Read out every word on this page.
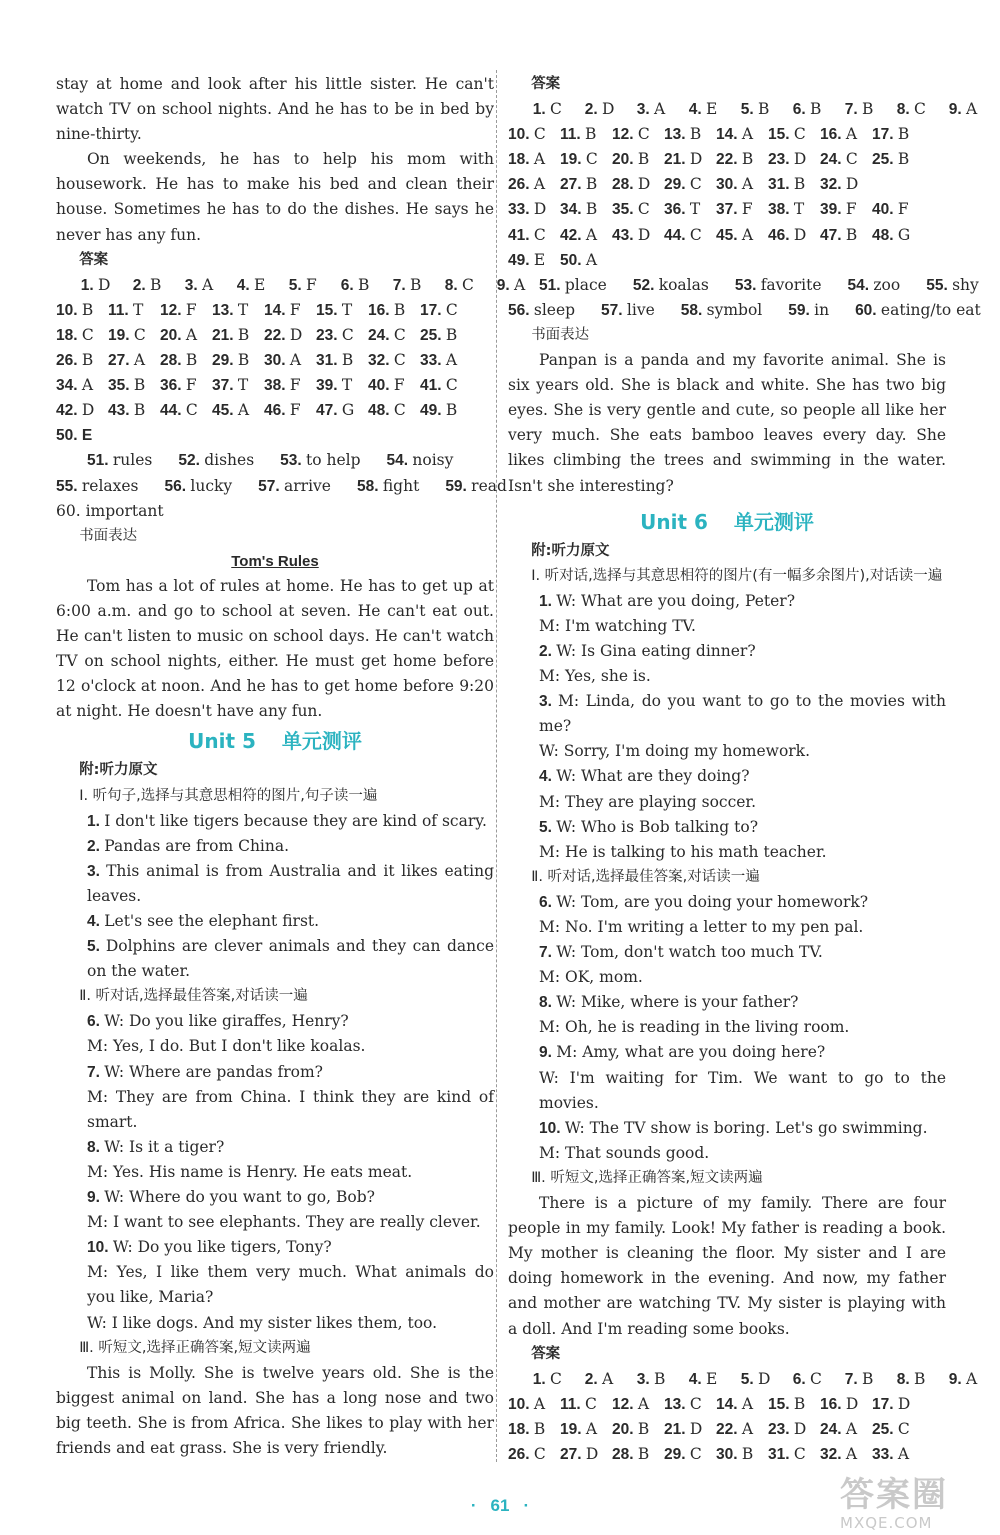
stay at home and look after his little sister. He can't watch TV on school nights. And he has to be in bed by nine-thirty.

On weekends, he has to help his mom with housework. He has to make his bed and clean their house. Sometimes he has to do the dishes. He says he never has any fun.

答案
1. D	2. B	3. A	4. E	5. F	6. B	7. B	8. C	9. A
10. B 11. T	12. F 13. T	14. F 15. T	16. B 17. C
18. C 19. C 20. A 21. B 22. D 23. C 24. C 25. B
26. B 27. A 28. B 29. B 30. A 31. B 32. C 33. A
34. A 35. B 36. F 37. T	38. F 39. T	40. F 41. C
42. D 43. B 44. C 45. A 46. F 47. G 48. C 49. B
50. E
51. rules 52. dishes 53. to help 54. noisy
55. relaxes 56. lucky 57. arrive 58. fight 59. read
60. important
书面表达
Tom's Rules

Tom has a lot of rules at home. He has to get up at 6:00 a.m. and go to school at seven. He can't eat out. He can't listen to music on school days. He can't watch TV on school nights, either. He must get home before 12 o'clock at noon. And he has to get home before 9:20 at night. He doesn't have any fun.

Unit 5 单元测评
附:听力原文
Ⅰ. 听句子,选择与其意思相符的图片,句子读一遍

1. I don't like tigers because they are kind of scary.

2. Pandas are from China.

3. This animal is from Australia and it likes eating leaves.

4. Let's see the elephant first.

5. Dolphins are clever animals and they can dance on the water.

Ⅱ. 听对话,选择最佳答案,对话读一遍

6. W: Do you like giraffes, Henry?

M: Yes, I do. But I don't like koalas.

7. W: Where are pandas from?

M: They are from China. I think they are kind of smart.

8. W: Is it a tiger?

M: Yes. His name is Henry. He eats meat.

9. W: Where do you want to go, Bob?

M: I want to see elephants. They are really clever.

10. W: Do you like tigers, Tony?

M: Yes, I like them very much. What animals do you like, Maria?

W: I like dogs. And my sister likes them, too.

Ⅲ. 听短文,选择正确答案,短文读两遍

This is Molly. She is twelve years old. She is the biggest animal on land. She has a long nose and two big teeth. She is from Africa. She likes to play with her friends and eat grass. She is very friendly.

答案
1. C	2. D	3. A	4. E	5. B	6. B	7. B	8. C	9. A
10. C 11. B	12. C 13. B 14. A 15. C 16. A 17. B
18. A 19. C 20. B 21. D 22. B 23. D 24. C 25. B
26. A 27. B 28. D 29. C 30. A 31. B 32. D
33. D 34. B 35. C 36. T	37. F 38. T	39. F 40. F
41. C 42. A 43. D 44. C 45. A 46. D 47. B 48. G
49. E 50. A
51. place 52. koalas 53. favorite 54. zoo 55. shy
56. sleep 57. live 58. symbol 59. in 60. eating/to eat
书面表达

Panpan is a panda and my favorite animal. She is six years old. She is black and white. She has two big eyes. She is very gentle and cute, so people all like her very much. She eats bamboo leaves every day. She likes climbing the trees and swimming in the water. Isn't she interesting?

Unit 6 单元测评
附:听力原文
Ⅰ. 听对话,选择与其意思相符的图片(有一幅多余图片),对话读一遍

1. W: What are you doing, Peter?

M: I'm watching TV.

2. W: Is Gina eating dinner?

M: Yes, she is.

3. M: Linda, do you want to go to the movies with me?

W: Sorry, I'm doing my homework.

4. W: What are they doing?

M: They are playing soccer.

5. W: Who is Bob talking to?

M: He is talking to his math teacher.

Ⅱ. 听对话,选择最佳答案,对话读一遍

6. W: Tom, are you doing your homework?

M: No. I'm writing a letter to my pen pal.

7. W: Tom, don't watch too much TV.

M: OK, mom.

8. W: Mike, where is your father?

M: Oh, he is reading in the living room.

9. M: Amy, what are you doing here?

W: I'm waiting for Tim. We want to go to the movies.

10. W: The TV show is boring. Let's go swimming.

M: That sounds good.

Ⅲ. 听短文,选择正确答案,短文读两遍

There is a picture of my family. There are four people in my family. Look! My father is reading a book. My mother is cleaning the floor. My sister and I are doing homework in the evening. And now, my father and mother are watching TV. My sister is playing with a doll. And I'm reading some books.

答案
1. C	2. A	3. B	4. E	5. D	6. C	7. B	8. B	9. A
10. A 11. C 12. A 13. C 14. A 15. B 16. D 17. D
18. B 19. A 20. B 21. D 22. A 23. D 24. A 25. C
26. C 27. D 28. B 29. C 30. B 31. C 32. A 33. A
· 61 ·	答案圈
MXQE.COM
